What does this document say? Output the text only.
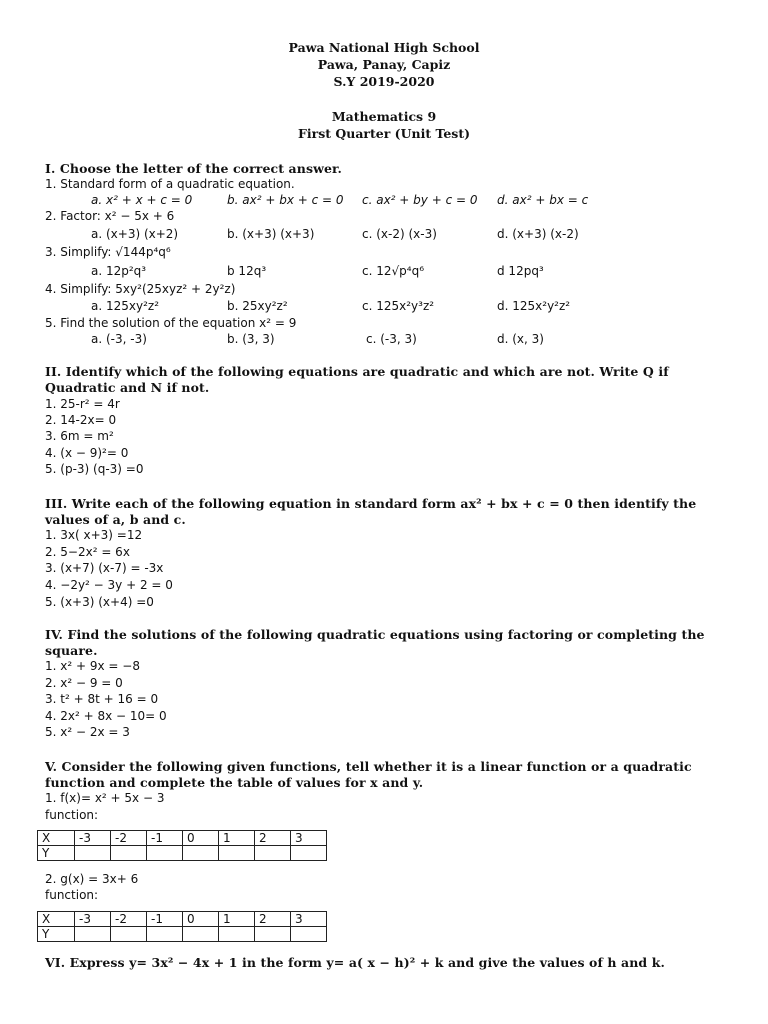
Pawa National High School
Pawa, Panay, Capiz
S.Y 2019-2020
Mathematics 9
First Quarter (Unit Test)
I. Choose the letter of the correct answer.
1. Standard form of a quadratic equation.
a. x² + x + c = 0	b. ax² + bx + c = 0 c. ax² + by + c = 0 d. ax² + bx = c
2. Factor: x² − 5x + 6
a. (x+3) (x+2)	b. (x+3) (x+3)	c. (x-2) (x-3)	d. (x+3) (x-2)
3. Simplify: √144p⁴q⁶
a. 12p²q³	b 12q³	c. 12√p⁴q⁶	d 12pq³
4. Simplify: 5xy²(25xyz² + 2y²z)
a. 125xy²z²	b. 25xy²z²	c. 125x²y³z²	d. 125x²y²z²
5. Find the solution of the equation x² = 9
a. (-3, -3)	b. (3, 3)	c. (-3, 3)	d. (x, 3)
II. Identify which of the following equations are quadratic and which are not. Write Q if
Quadratic and N if not.
1. 25-r² = 4r
2. 14-2x= 0
3. 6m = m²
4. (x − 9)²= 0
5. (p-3) (q-3) =0
III. Write each of the following equation in standard form ax² + bx + c = 0 then identify the
values of a, b and c.
1. 3x( x+3) =12
2. 5−2x² = 6x
3. (x+7) (x-7) = -3x
4. −2y² − 3y + 2 = 0
5. (x+3) (x+4) =0
IV. Find the solutions of the following quadratic equations using factoring or completing the
square.
1. x² + 9x = −8
2. x² − 9 = 0
3. t² + 8t + 16 = 0
4. 2x² + 8x − 10= 0
5. x² − 2x = 3
V. Consider the following given functions, tell whether it is a linear function or a quadratic
function and complete the table of values for x and y.
1. f(x)= x² + 5x − 3
function:
X	-3	-2	-1	0	1	2	3
Y							
2. g(x) = 3x+ 6
function:
X	-3	-2	-1	0	1	2	3
Y							
VI. Express y= 3x² − 4x + 1 in the form y= a( x − h)² + k and give the values of h and k.
